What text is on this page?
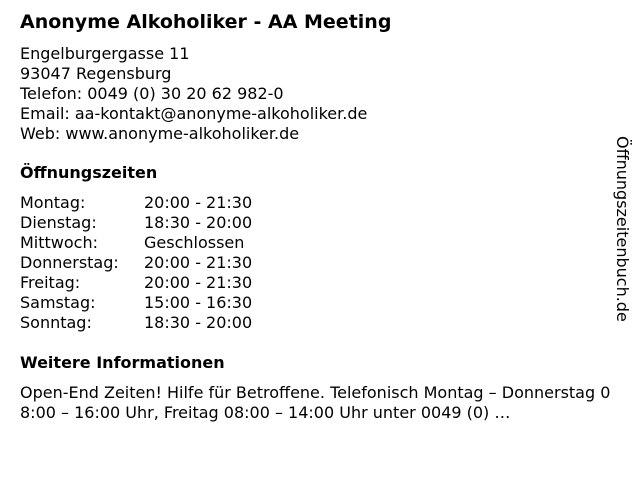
Anonyme Alkoholiker - AA Meeting
Engelburgergasse 11
93047 Regensburg
Telefon: 0049 (0) 30 20 62 982-0
Email: aa-kontakt@anonyme-alkoholiker.de
Web: www.anonyme-alkoholiker.de
Öffnungszeiten
Montag:	20:00 - 21:30
Dienstag:	18:30 - 20:00
Mittwoch:	Geschlossen
Donnerstag:	20:00 - 21:30
Freitag:	20:00 - 21:30
Samstag:	15:00 - 16:30
Sonntag:	18:30 - 20:00
Weitere Informationen
Open-End Zeiten! Hilfe für Betroffene. Telefonisch Montag – Donnerstag 08:00 – 16:00 Uhr, Freitag 08:00 – 14:00 Uhr unter 0049 (0) …
Öffnungszeitenbuch.de
